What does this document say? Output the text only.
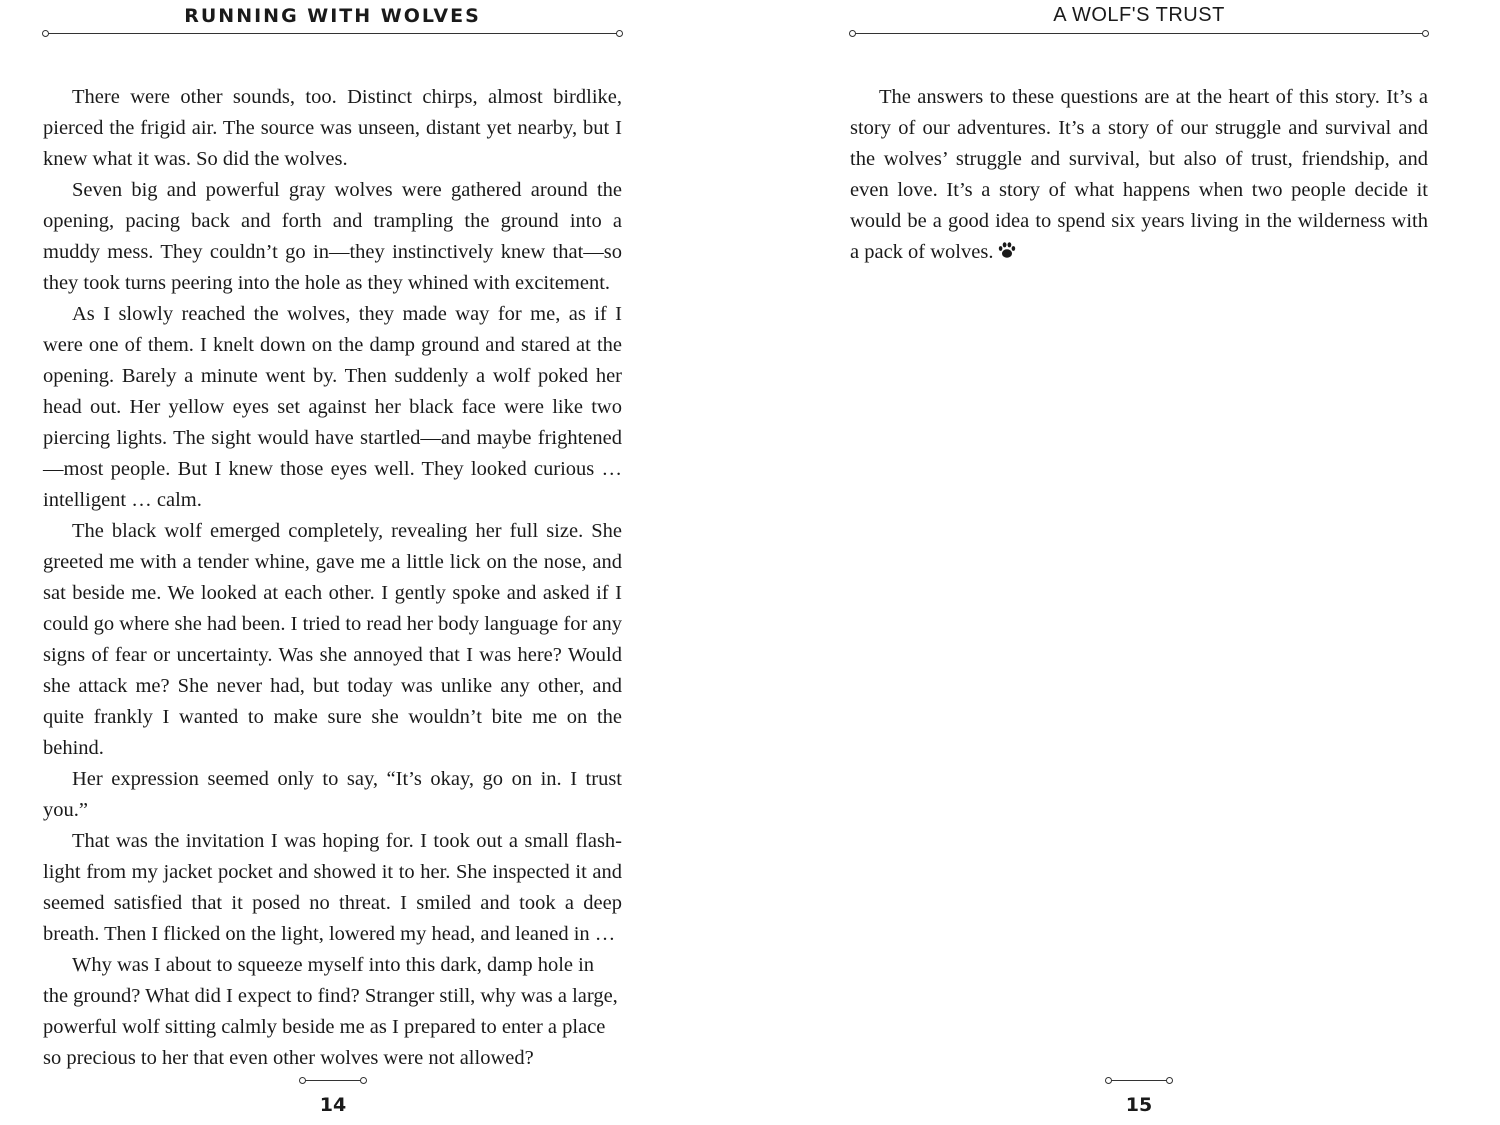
RUNNING WITH WOLVES

There were other sounds, too. Distinct chirps, almost birdlike, pierced the frigid air. The source was unseen, distant yet nearby, but I knew what it was. So did the wolves.

Seven big and powerful gray wolves were gathered around the opening, pacing back and forth and trampling the ground into a muddy mess. They couldn’t go in—they instinctively knew that—so they took turns peering into the hole as they whined with excitement.

As I slowly reached the wolves, they made way for me, as if I were one of them. I knelt down on the damp ground and stared at the opening. Barely a minute went by. Then suddenly a wolf poked her head out. Her yellow eyes set against her black face were like two piercing lights. The sight would have startled—and maybe frightened—most people. But I knew those eyes well. They looked curious … intelligent … calm.

The black wolf emerged completely, revealing her full size. She greeted me with a tender whine, gave me a little lick on the nose, and sat beside me. We looked at each other. I gently spoke and asked if I could go where she had been. I tried to read her body language for any signs of fear or uncertainty. Was she annoyed that I was here? Would she attack me? She never had, but today was unlike any other, and quite frankly I wanted to make sure she wouldn’t bite me on the behind.

Her expression seemed only to say, “It’s okay, go on in. I trust you.”

That was the invitation I was hoping for. I took out a small flashlight from my jacket pocket and showed it to her. She inspected it and seemed satisfied that it posed no threat. I smiled and took a deep breath. Then I flicked on the light, lowered my head, and leaned in …

Why was I about to squeeze myself into this dark, damp hole in the ground? What did I expect to find? Stranger still, why was a large, powerful wolf sitting calmly beside me as I prepared to enter a place so precious to her that even other wolves were not allowed?

14
A WOLF'S TRUST

The answers to these questions are at the heart of this story. It’s a story of our adventures. It’s a story of our struggle and survival and the wolves’ struggle and survival, but also of trust, friendship, and even love. It’s a story of what happens when two people decide it would be a good idea to spend six years living in the wilderness with a pack of wolves.

15
